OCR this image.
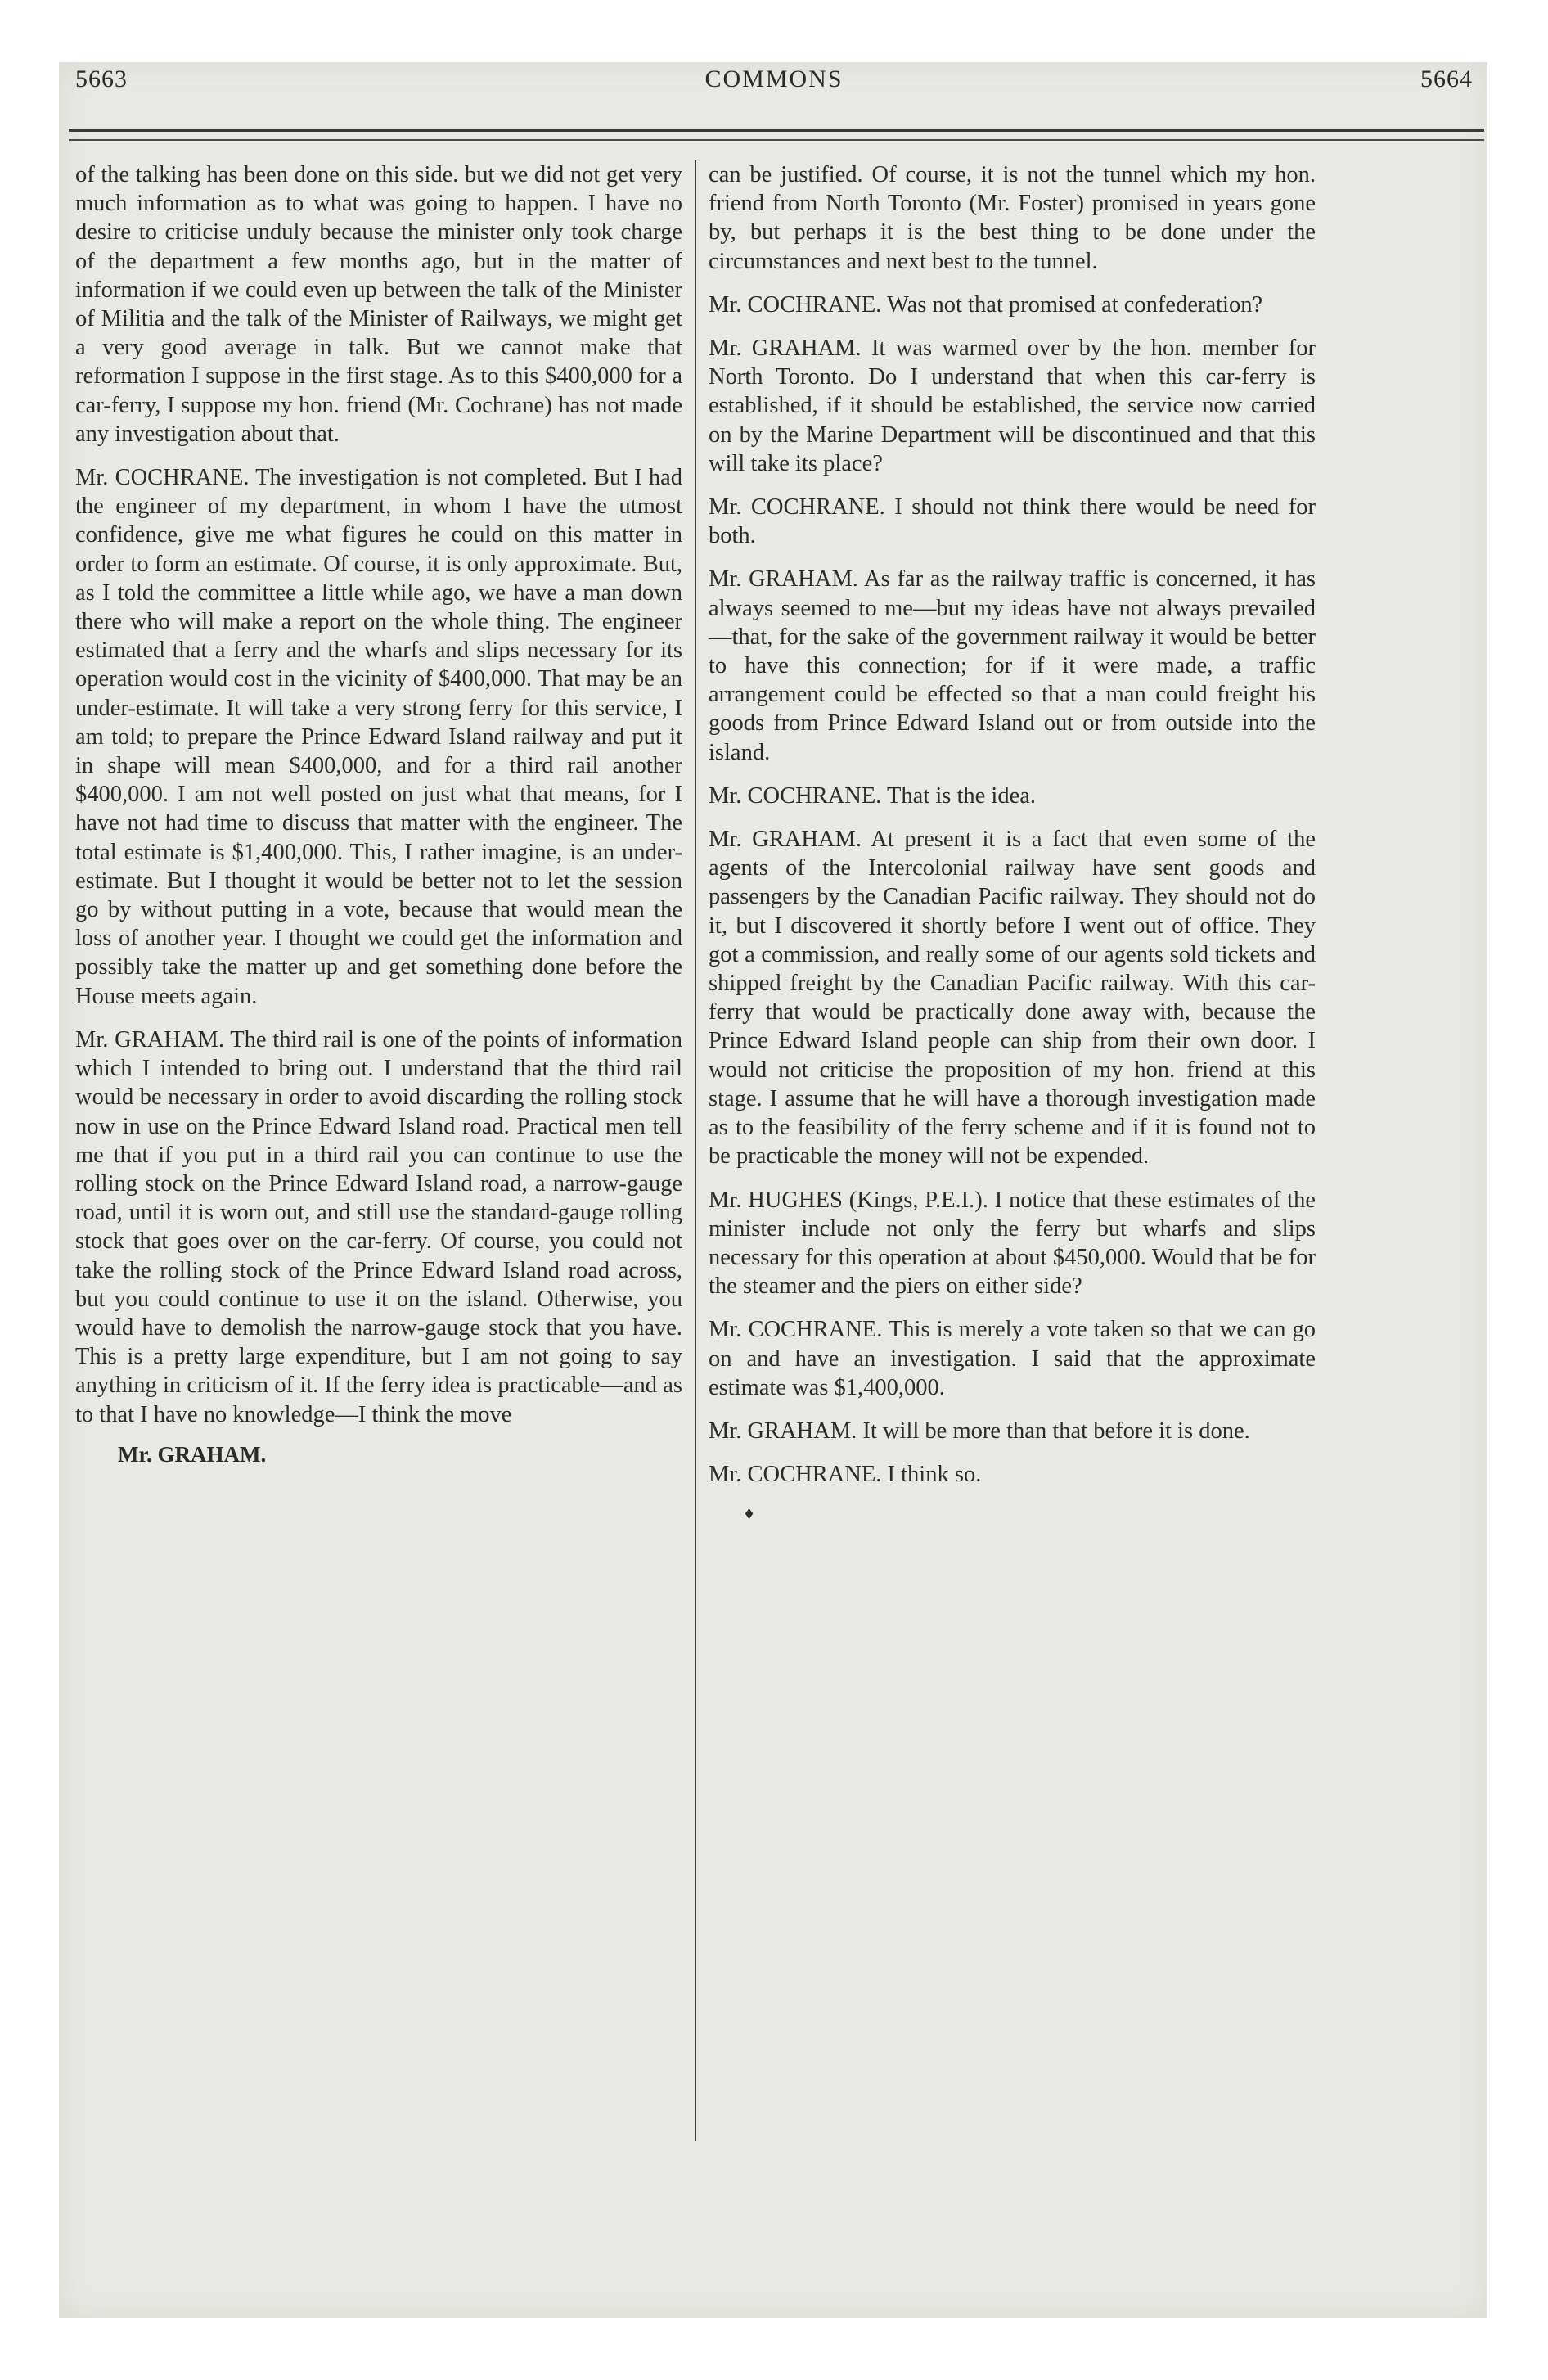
5663	COMMONS	5664

of the talking has been done on this side. but we did not get very much information as to what was going to happen. I have no desire to criticise unduly because the minister only took charge of the department a few months ago, but in the matter of information if we could even up between the talk of the Minister of Militia and the talk of the Minister of Railways, we might get a very good average in talk. But we cannot make that reformation I suppose in the first stage. As to this $400,000 for a car-ferry, I suppose my hon. friend (Mr. Cochrane) has not made any investigation about that.

Mr. COCHRANE. The investigation is not completed. But I had the engineer of my department, in whom I have the utmost confidence, give me what figures he could on this matter in order to form an estimate. Of course, it is only approximate. But, as I told the committee a little while ago, we have a man down there who will make a report on the whole thing. The engineer estimated that a ferry and the wharfs and slips necessary for its operation would cost in the vicinity of $400,000. That may be an under-estimate. It will take a very strong ferry for this service, I am told; to prepare the Prince Edward Island railway and put it in shape will mean $400,000, and for a third rail another $400,000. I am not well posted on just what that means, for I have not had time to discuss that matter with the engineer. The total estimate is $1,400,000. This, I rather imagine, is an under-estimate. But I thought it would be better not to let the session go by without putting in a vote, because that would mean the loss of another year. I thought we could get the information and possibly take the matter up and get something done before the House meets again.

Mr. GRAHAM. The third rail is one of the points of information which I intended to bring out. I understand that the third rail would be necessary in order to avoid discarding the rolling stock now in use on the Prince Edward Island road. Practical men tell me that if you put in a third rail you can continue to use the rolling stock on the Prince Edward Island road, a narrow-gauge road, until it is worn out, and still use the standard-gauge rolling stock that goes over on the car-ferry. Of course, you could not take the rolling stock of the Prince Edward Island road across, but you could continue to use it on the island. Otherwise, you would have to demolish the narrow-gauge stock that you have. This is a pretty large expenditure, but I am not going to say anything in criticism of it. If the ferry idea is practicable—and as to that I have no knowledge—I think the move

Mr. GRAHAM.

can be justified. Of course, it is not the tunnel which my hon. friend from North Toronto (Mr. Foster) promised in years gone by, but perhaps it is the best thing to be done under the circumstances and next best to the tunnel.

Mr. COCHRANE. Was not that promised at confederation?

Mr. GRAHAM. It was warmed over by the hon. member for North Toronto. Do I understand that when this car-ferry is established, if it should be established, the service now carried on by the Marine Department will be discontinued and that this will take its place?

Mr. COCHRANE. I should not think there would be need for both.

Mr. GRAHAM. As far as the railway traffic is concerned, it has always seemed to me—but my ideas have not always prevailed—that, for the sake of the government railway it would be better to have this connection; for if it were made, a traffic arrangement could be effected so that a man could freight his goods from Prince Edward Island out or from outside into the island.

Mr. COCHRANE. That is the idea.

Mr. GRAHAM. At present it is a fact that even some of the agents of the Intercolonial railway have sent goods and passengers by the Canadian Pacific railway. They should not do it, but I discovered it shortly before I went out of office. They got a commission, and really some of our agents sold tickets and shipped freight by the Canadian Pacific railway. With this car-ferry that would be practically done away with, because the Prince Edward Island people can ship from their own door. I would not criticise the proposition of my hon. friend at this stage. I assume that he will have a thorough investigation made as to the feasibility of the ferry scheme and if it is found not to be practicable the money will not be expended.

Mr. HUGHES (Kings, P.E.I.). I notice that these estimates of the minister include not only the ferry but wharfs and slips necessary for this operation at about $450,000. Would that be for the steamer and the piers on either side?

Mr. COCHRANE. This is merely a vote taken so that we can go on and have an investigation. I said that the approximate estimate was $1,400,000.

Mr. GRAHAM. It will be more than that before it is done.

Mr. COCHRANE. I think so.

♦
